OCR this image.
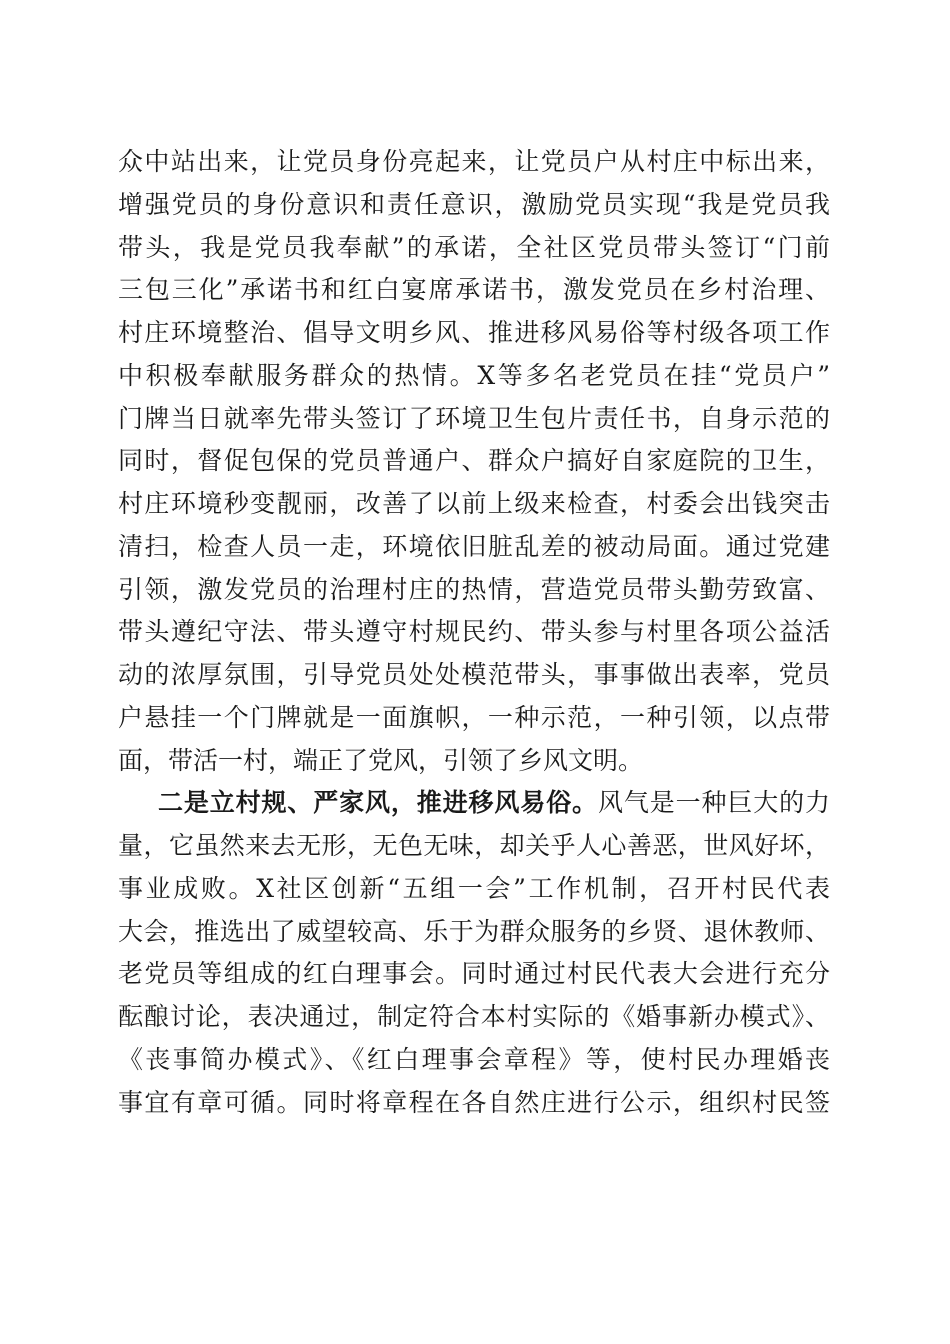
众中站出来，让党员身份亮起来，让党员户从村庄中标出来，
增强党员的身份意识和责任意识，激励党员实现“我是党员我
带头，我是党员我奉献”的承诺，全社区党员带头签订“门前
三包三化”承诺书和红白宴席承诺书，激发党员在乡村治理、
村庄环境整治、倡导文明乡风、推进移风易俗等村级各项工作
中积极奉献服务群众的热情。X等多名老党员在挂“党员户”
门牌当日就率先带头签订了环境卫生包片责任书，自身示范的
同时，督促包保的党员普通户、群众户搞好自家庭院的卫生，
村庄环境秒变靓丽，改善了以前上级来检查，村委会出钱突击
清扫，检查人员一走，环境依旧脏乱差的被动局面。通过党建
引领，激发党员的治理村庄的热情，营造党员带头勤劳致富、
带头遵纪守法、带头遵守村规民约、带头参与村里各项公益活
动的浓厚氛围，引导党员处处模范带头，事事做出表率，党员
户悬挂一个门牌就是一面旗帜，一种示范，一种引领，以点带
面，带活一村，端正了党风，引领了乡风文明。
二是立村规、严家风，推进移风易俗。风气是一种巨大的力
量，它虽然来去无形，无色无味，却关乎人心善恶，世风好坏，
事业成败。X社区创新“五组一会”工作机制，召开村民代表
大会，推选出了威望较高、乐于为群众服务的乡贤、退休教师、
老党员等组成的红白理事会。同时通过村民代表大会进行充分
酝酿讨论，表决通过，制定符合本村实际的《婚事新办模式》、
《丧事简办模式》、《红白理事会章程》等，使村民办理婚丧
事宜有章可循。同时将章程在各自然庄进行公示，组织村民签
